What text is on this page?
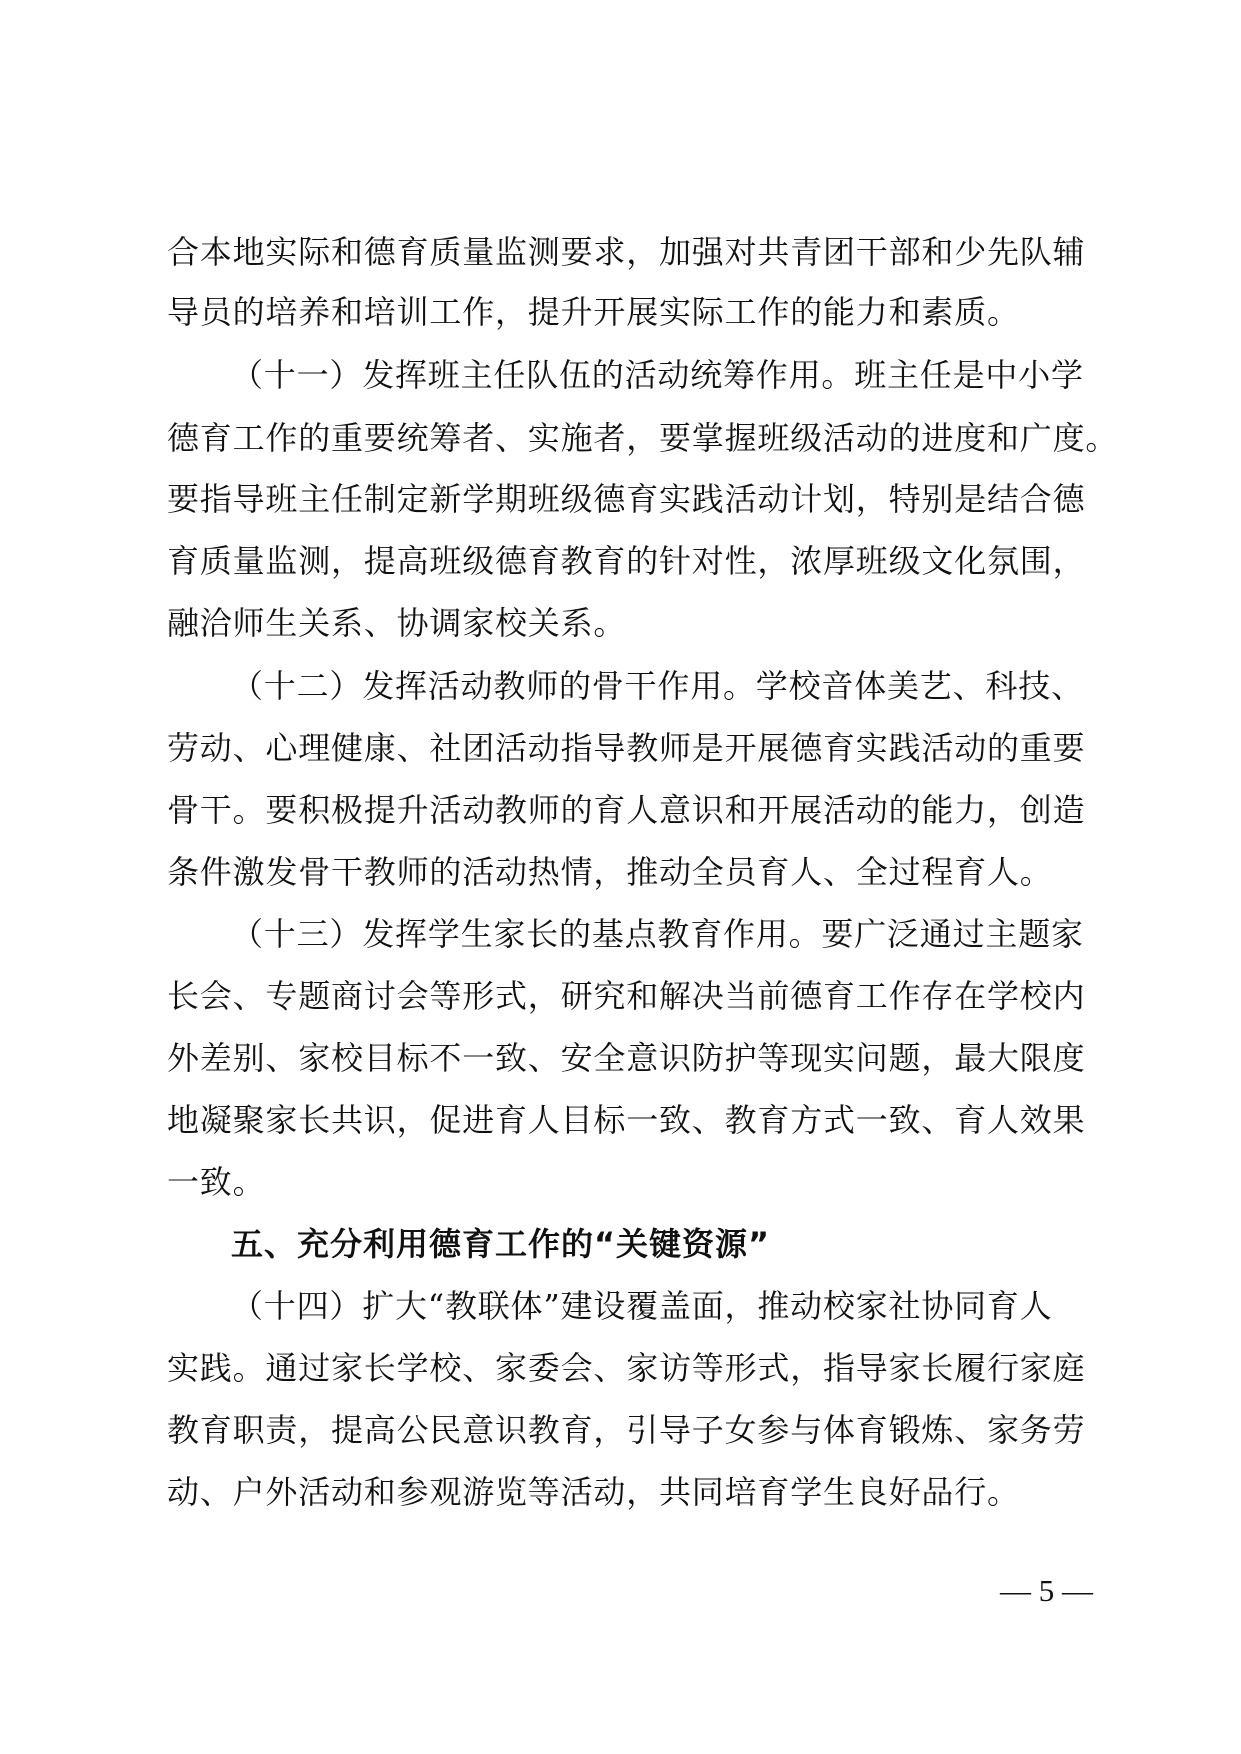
合本地实际和德育质量监测要求，加强对共青团干部和少先队辅
导员的培养和培训工作，提升开展实际工作的能力和素质。
（十一）发挥班主任队伍的活动统筹作用。班主任是中小学
德育工作的重要统筹者、实施者，要掌握班级活动的进度和广度。
要指导班主任制定新学期班级德育实践活动计划，特别是结合德
育质量监测，提高班级德育教育的针对性，浓厚班级文化氛围，
融洽师生关系、协调家校关系。
（十二）发挥活动教师的骨干作用。学校音体美艺、科技、
劳动、心理健康、社团活动指导教师是开展德育实践活动的重要
骨干。要积极提升活动教师的育人意识和开展活动的能力，创造
条件激发骨干教师的活动热情，推动全员育人、全过程育人。
（十三）发挥学生家长的基点教育作用。要广泛通过主题家
长会、专题商讨会等形式，研究和解决当前德育工作存在学校内
外差别、家校目标不一致、安全意识防护等现实问题，最大限度
地凝聚家长共识，促进育人目标一致、教育方式一致、育人效果
一致。
五、充分利用德育工作的“关键资源”
（十四）扩大“教联体”建设覆盖面，推动校家社协同育人
实践。通过家长学校、家委会、家访等形式，指导家长履行家庭
教育职责，提高公民意识教育，引导子女参与体育锻炼、家务劳
动、户外活动和参观游览等活动，共同培育学生良好品行。
— 5 —
